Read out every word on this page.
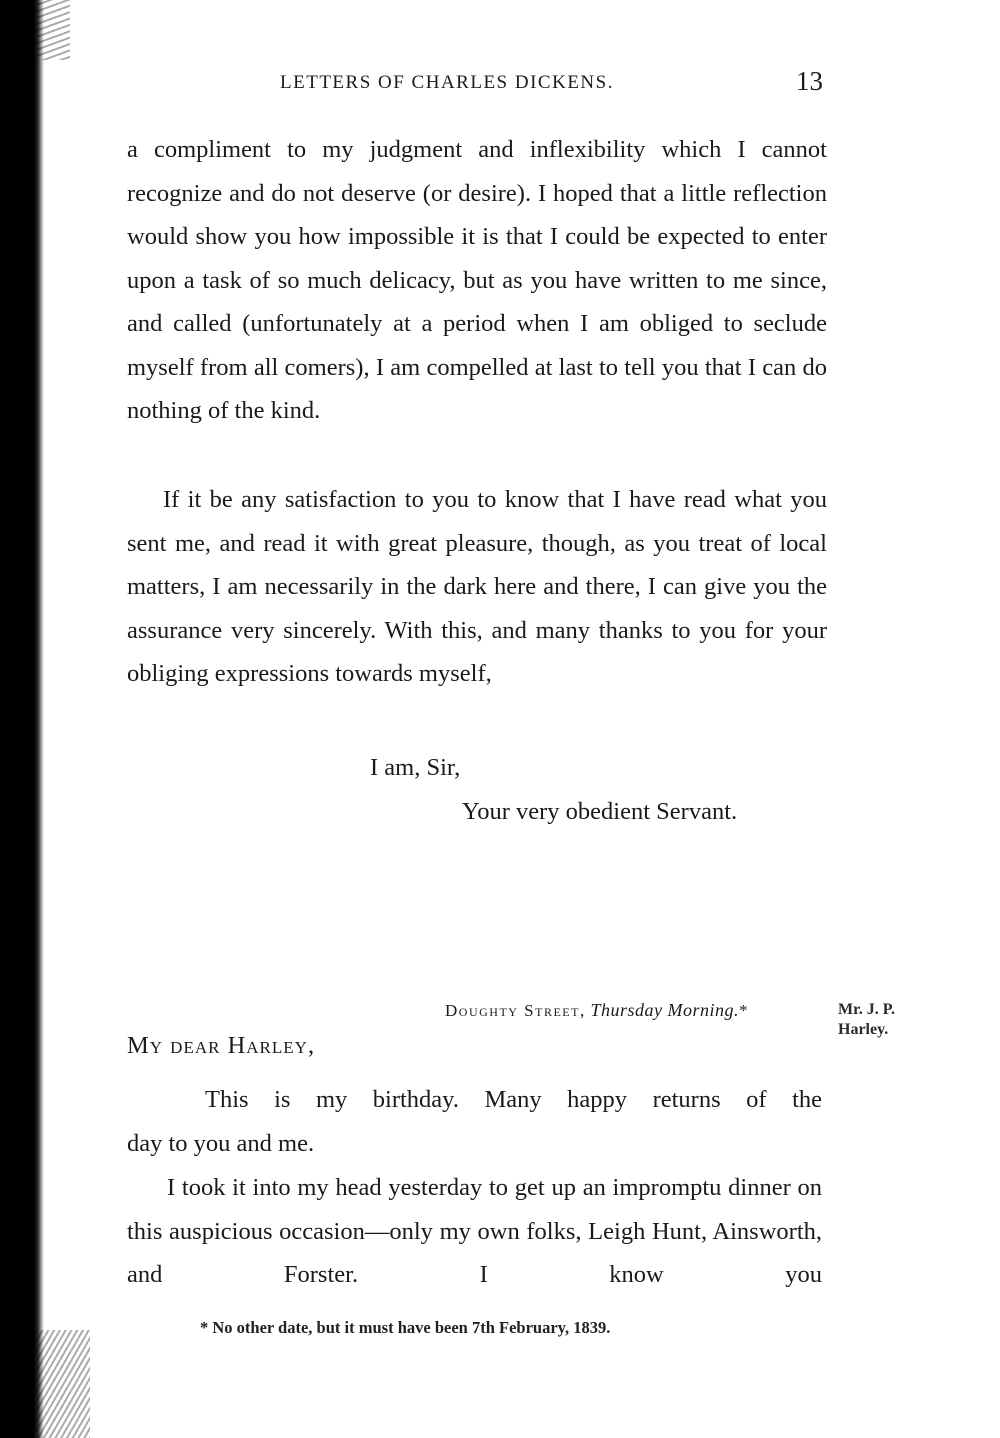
LETTERS OF CHARLES DICKENS.	13

a compliment to my judgment and inflexibility which I cannot recognize and do not deserve (or desire). I hoped that a little reflection would show you how impossible it is that I could be expected to enter upon a task of so much delicacy, but as you have written to me since, and called (unfortunately at a period when I am obliged to seclude myself from all comers), I am compelled at last to tell you that I can do nothing of the kind.

If it be any satisfaction to you to know that I have read what you sent me, and read it with great pleasure, though, as you treat of local matters, I am necessarily in the dark here and there, I can give you the assurance very sincerely. With this, and many thanks to you for your obliging expressions towards myself,

I am, Sir,
Your very obedient Servant.
Doughty Street, Thursday Morning.*	Mr. J. P.
Harley.
My dear Harley,
This is my birthday. Many happy returns of the
day to you and me.

I took it into my head yesterday to get up an impromptu dinner on this auspicious occasion—only my own folks, Leigh Hunt, Ainsworth, and Forster. I know you

* No other date, but it must have been 7th February, 1839.
